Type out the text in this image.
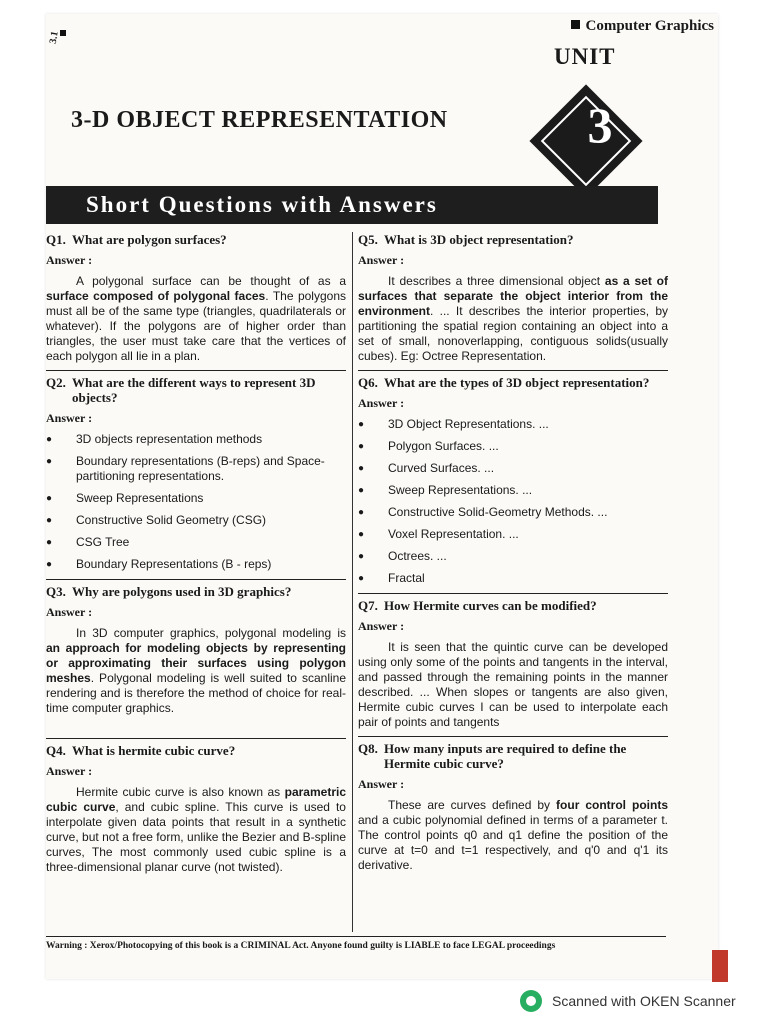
3.1
Computer Graphics
UNIT
3
3-D OBJECT REPRESENTATION
Short Questions with Answers
Q1. What are polygon surfaces?
Answer :

A polygonal surface can be thought of as a surface composed of polygonal faces. The polygons must all be of the same type (triangles, quadrilaterals or whatever). If the polygons are of higher order than triangles, the user must take care that the vertices of each polygon all lie in a plan.

Q2. What are the different ways to represent 3D objects?
Answer :
●	3D objects representation methods
●	Boundary representations (B-reps) and Space-partitioning representations.
●	Sweep Representations
●	Constructive Solid Geometry (CSG)
●	CSG Tree
●	Boundary Representations (B - reps)
Q3. Why are polygons used in 3D graphics?
Answer :

In 3D computer graphics, polygonal modeling is an approach for modeling objects by representing or approximating their surfaces using polygon meshes. Polygonal modeling is well suited to scanline rendering and is therefore the method of choice for real-time computer graphics.

Q4. What is hermite cubic curve?
Answer :

Hermite cubic curve is also known as parametric cubic curve, and cubic spline. This curve is used to interpolate given data points that result in a synthetic curve, but not a free form, unlike the Bezier and B-spline curves, The most commonly used cubic spline is a three-dimensional planar curve (not twisted).

Q5. What is 3D object representation?
Answer :

It describes a three dimensional object as a set of surfaces that separate the object interior from the environment. ... It describes the interior properties, by partitioning the spatial region containing an object into a set of small, nonoverlapping, contiguous solids(usually cubes). Eg: Octree Representation.

Q6. What are the types of 3D object representation?
Answer :
●	3D Object Representations. ...
●	Polygon Surfaces. ...
●	Curved Surfaces. ...
●	Sweep Representations. ...
●	Constructive Solid-Geometry Methods. ...
●	Voxel Representation. ...
●	Octrees. ...
●	Fractal
Q7. How Hermite curves can be modified?
Answer :

It is seen that the quintic curve can be developed using only some of the points and tangents in the interval, and passed through the remaining points in the manner described. ... When slopes or tangents are also given, Hermite cubic curves I can be used to interpolate each pair of points and tangents

Q8. How many inputs are required to define the Hermite cubic curve?
Answer :

These are curves defined by four control points and a cubic polynomial defined in terms of a parameter t. The control points q0 and q1 define the position of the curve at t=0 and t=1 respectively, and q'0 and q'1 its derivative.

Warning : Xerox/Photocopying of this book is a CRIMINAL Act. Anyone found guilty is LIABLE to face LEGAL proceedings
Scanned with OKEN Scanner
